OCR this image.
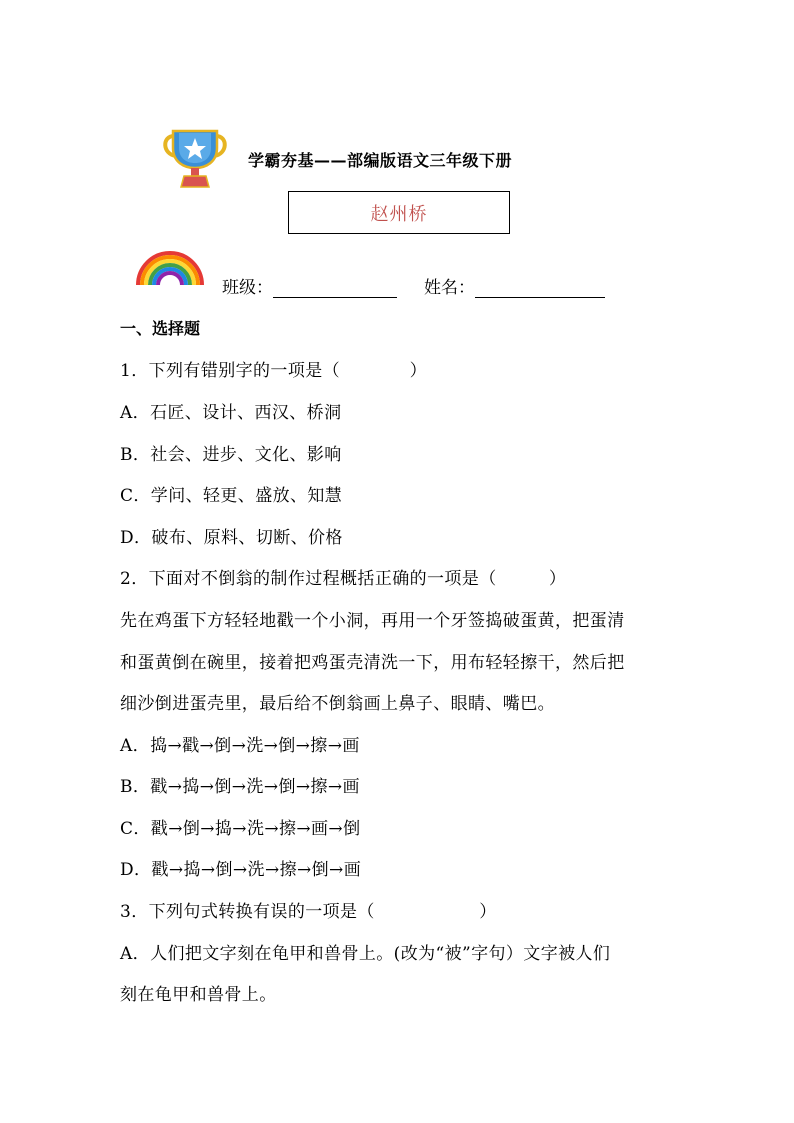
学霸夯基——部编版语文三年级下册
赵州桥
班级：	姓名：
一、选择题
1．下列有错别字的一项是（　　　　）
A．石匠、设计、西汉、桥洞
B．社会、进步、文化、影响
C．学问、轻更、盛放、知慧
D．破布、原料、切断、价格
2．下面对不倒翁的制作过程概括正确的一项是（　　　）
先在鸡蛋下方轻轻地戳一个小洞，再用一个牙签捣破蛋黄，把蛋清
和蛋黄倒在碗里，接着把鸡蛋壳清洗一下，用布轻轻擦干，然后把
细沙倒进蛋壳里，最后给不倒翁画上鼻子、眼睛、嘴巴。
A．捣→戳→倒→洗→倒→擦→画
B．戳→捣→倒→洗→倒→擦→画
C．戳→倒→捣→洗→擦→画→倒
D．戳→捣→倒→洗→擦→倒→画
3．下列句式转换有误的一项是（　　　　　　）
A．人们把文字刻在龟甲和兽骨上。(改为“被”字句）文字被人们
刻在龟甲和兽骨上。
